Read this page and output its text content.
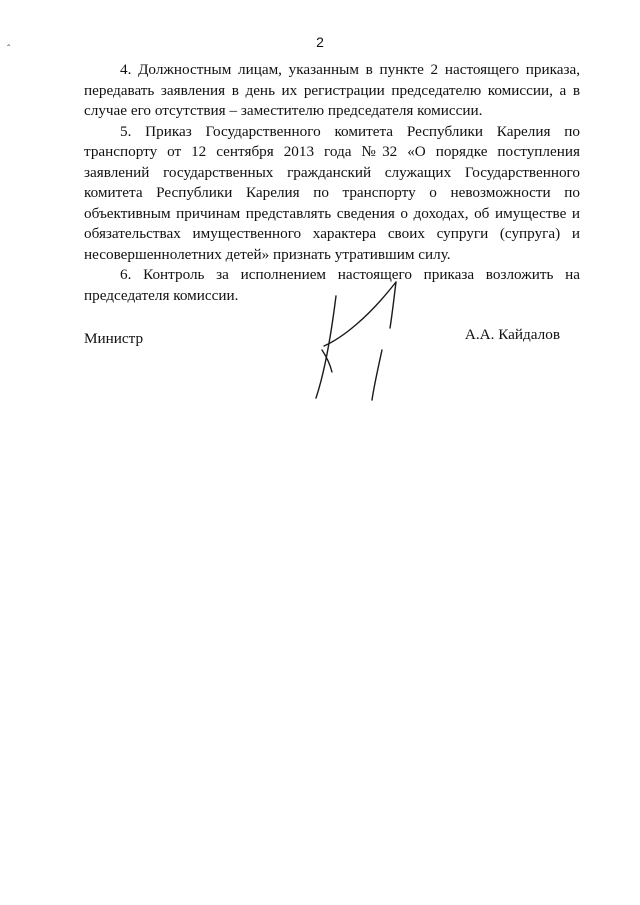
2
ˆ

4. Должностным лицам, указанным в пункте 2 настоящего приказа, передавать заявления в день их регистрации председателю комиссии, а в случае его отсутствия – заместителю председателя комиссии.

5. Приказ Государственного комитета Республики Карелия по транспорту от 12 сентября 2013 года №32 «О порядке поступления заявлений государственных гражданский служащих Государственного комитета Республики Карелия по транспорту о невозможности по объективным причинам представлять сведения о доходах, об имуществе и обязательствах имущественного характера своих супруги (супруга) и несовершеннолетних детей» признать утратившим силу.

6. Контроль за исполнением настоящего приказа возложить на председателя комиссии.

Министр	А.А. Кайдалов
